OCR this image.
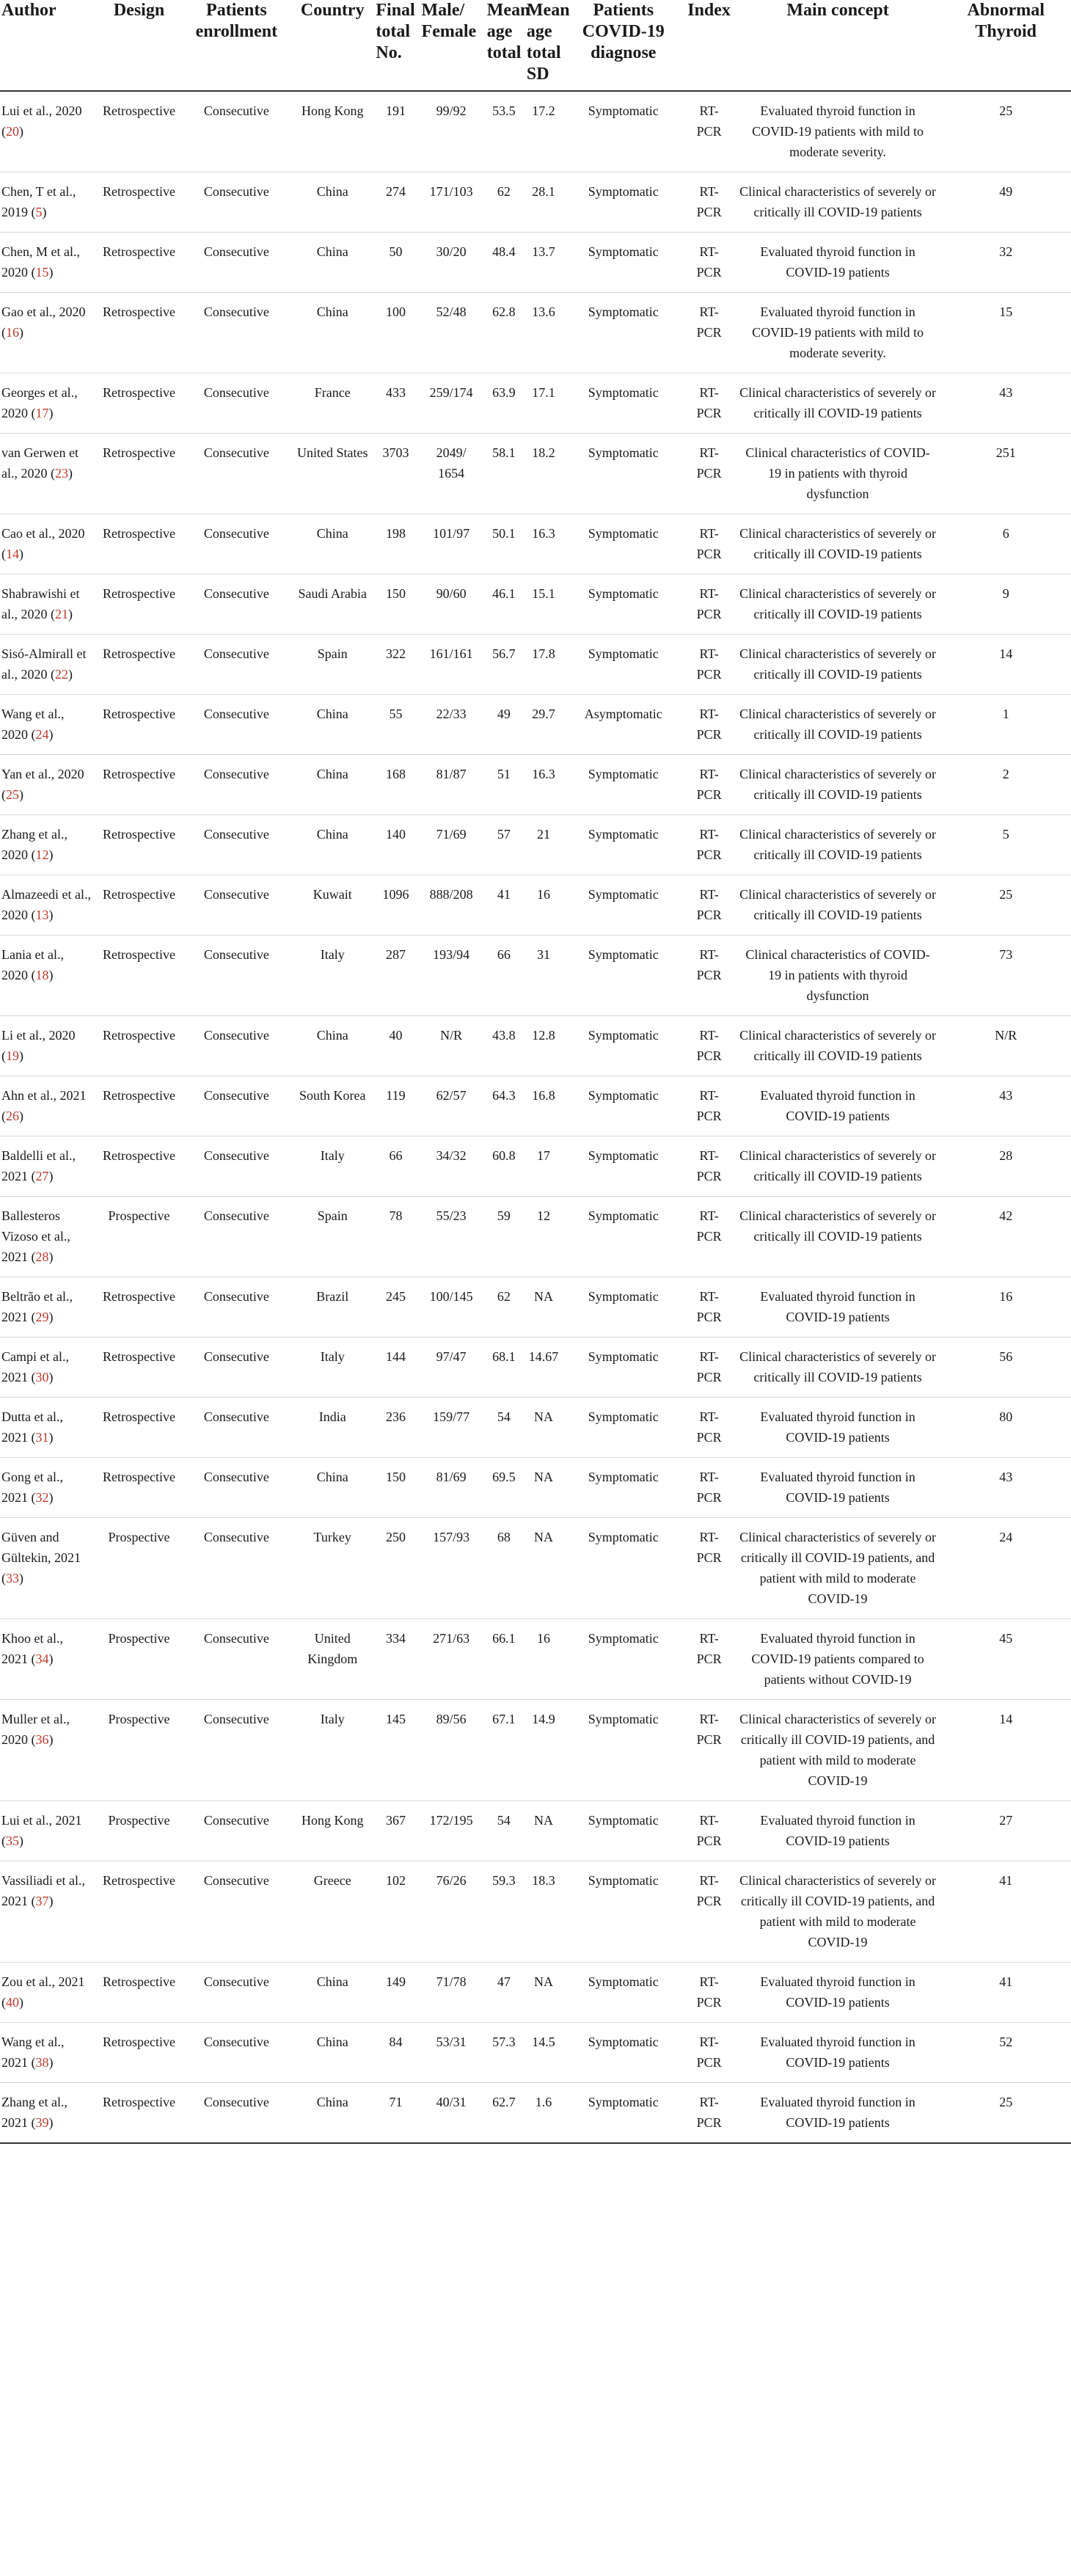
Author	Design	Patients enrollment	Country	Final total No.	Male/ Female	Mean age total	Mean age total SD	Patients COVID-19 diagnose	Index	Main concept	Abnormal Thyroid
Lui et al., 2020 (20)	Retrospective	Consecutive	Hong Kong	191	99/92	53.5	17.2	Symptomatic	RT-PCR	Evaluated thyroid function in COVID-19 patients with mild to moderate severity.	25
Chen, T et al., 2019 (5)	Retrospective	Consecutive	China	274	171/103	62	28.1	Symptomatic	RT-PCR	Clinical characteristics of severely or critically ill COVID-19 patients	49
Chen, M et al., 2020 (15)	Retrospective	Consecutive	China	50	30/20	48.4	13.7	Symptomatic	RT-PCR	Evaluated thyroid function in COVID-19 patients	32
Gao et al., 2020 (16)	Retrospective	Consecutive	China	100	52/48	62.8	13.6	Symptomatic	RT-PCR	Evaluated thyroid function in COVID-19 patients with mild to moderate severity.	15
Georges et al., 2020 (17)	Retrospective	Consecutive	France	433	259/174	63.9	17.1	Symptomatic	RT-PCR	Clinical characteristics of severely or critically ill COVID-19 patients	43
van Gerwen et al., 2020 (23)	Retrospective	Consecutive	United States	3703	2049/ 1654	58.1	18.2	Symptomatic	RT-PCR	Clinical characteristics of COVID-19 in patients with thyroid dysfunction	251
Cao et al., 2020 (14)	Retrospective	Consecutive	China	198	101/97	50.1	16.3	Symptomatic	RT-PCR	Clinical characteristics of severely or critically ill COVID-19 patients	6
Shabrawishi et al., 2020 (21)	Retrospective	Consecutive	Saudi Arabia	150	90/60	46.1	15.1	Symptomatic	RT-PCR	Clinical characteristics of severely or critically ill COVID-19 patients	9
Sisó-Almirall et al., 2020 (22)	Retrospective	Consecutive	Spain	322	161/161	56.7	17.8	Symptomatic	RT-PCR	Clinical characteristics of severely or critically ill COVID-19 patients	14
Wang et al., 2020 (24)	Retrospective	Consecutive	China	55	22/33	49	29.7	Asymptomatic	RT-PCR	Clinical characteristics of severely or critically ill COVID-19 patients	1
Yan et al., 2020 (25)	Retrospective	Consecutive	China	168	81/87	51	16.3	Symptomatic	RT-PCR	Clinical characteristics of severely or critically ill COVID-19 patients	2
Zhang et al., 2020 (12)	Retrospective	Consecutive	China	140	71/69	57	21	Symptomatic	RT-PCR	Clinical characteristics of severely or critically ill COVID-19 patients	5
Almazeedi et al., 2020 (13)	Retrospective	Consecutive	Kuwait	1096	888/208	41	16	Symptomatic	RT-PCR	Clinical characteristics of severely or critically ill COVID-19 patients	25
Lania et al., 2020 (18)	Retrospective	Consecutive	Italy	287	193/94	66	31	Symptomatic	RT-PCR	Clinical characteristics of COVID-19 in patients with thyroid dysfunction	73
Li et al., 2020 (19)	Retrospective	Consecutive	China	40	N/R	43.8	12.8	Symptomatic	RT-PCR	Clinical characteristics of severely or critically ill COVID-19 patients	N/R
Ahn et al., 2021 (26)	Retrospective	Consecutive	South Korea	119	62/57	64.3	16.8	Symptomatic	RT-PCR	Evaluated thyroid function in COVID-19 patients	43
Baldelli et al., 2021 (27)	Retrospective	Consecutive	Italy	66	34/32	60.8	17	Symptomatic	RT-PCR	Clinical characteristics of severely or critically ill COVID-19 patients	28
Ballesteros Vizoso et al., 2021 (28)	Prospective	Consecutive	Spain	78	55/23	59	12	Symptomatic	RT-PCR	Clinical characteristics of severely or critically ill COVID-19 patients	42
Beltrão et al., 2021 (29)	Retrospective	Consecutive	Brazil	245	100/145	62	NA	Symptomatic	RT-PCR	Evaluated thyroid function in COVID-19 patients	16
Campi et al., 2021 (30)	Retrospective	Consecutive	Italy	144	97/47	68.1	14.67	Symptomatic	RT-PCR	Clinical characteristics of severely or critically ill COVID-19 patients	56
Dutta et al., 2021 (31)	Retrospective	Consecutive	India	236	159/77	54	NA	Symptomatic	RT-PCR	Evaluated thyroid function in COVID-19 patients	80
Gong et al., 2021 (32)	Retrospective	Consecutive	China	150	81/69	69.5	NA	Symptomatic	RT-PCR	Evaluated thyroid function in COVID-19 patients	43
Güven and Gültekin, 2021 (33)	Prospective	Consecutive	Turkey	250	157/93	68	NA	Symptomatic	RT-PCR	Clinical characteristics of severely or critically ill COVID-19 patients, and patient with mild to moderate COVID-19	24
Khoo et al., 2021 (34)	Prospective	Consecutive	United Kingdom	334	271/63	66.1	16	Symptomatic	RT-PCR	Evaluated thyroid function in COVID-19 patients compared to patients without COVID-19	45
Muller et al., 2020 (36)	Prospective	Consecutive	Italy	145	89/56	67.1	14.9	Symptomatic	RT-PCR	Clinical characteristics of severely or critically ill COVID-19 patients, and patient with mild to moderate COVID-19	14
Lui et al., 2021 (35)	Prospective	Consecutive	Hong Kong	367	172/195	54	NA	Symptomatic	RT-PCR	Evaluated thyroid function in COVID-19 patients	27
Vassiliadi et al., 2021 (37)	Retrospective	Consecutive	Greece	102	76/26	59.3	18.3	Symptomatic	RT-PCR	Clinical characteristics of severely or critically ill COVID-19 patients, and patient with mild to moderate COVID-19	41
Zou et al., 2021 (40)	Retrospective	Consecutive	China	149	71/78	47	NA	Symptomatic	RT-PCR	Evaluated thyroid function in COVID-19 patients	41
Wang et al., 2021 (38)	Retrospective	Consecutive	China	84	53/31	57.3	14.5	Symptomatic	RT-PCR	Evaluated thyroid function in COVID-19 patients	52
Zhang et al., 2021 (39)	Retrospective	Consecutive	China	71	40/31	62.7	1.6	Symptomatic	RT-PCR	Evaluated thyroid function in COVID-19 patients	25
